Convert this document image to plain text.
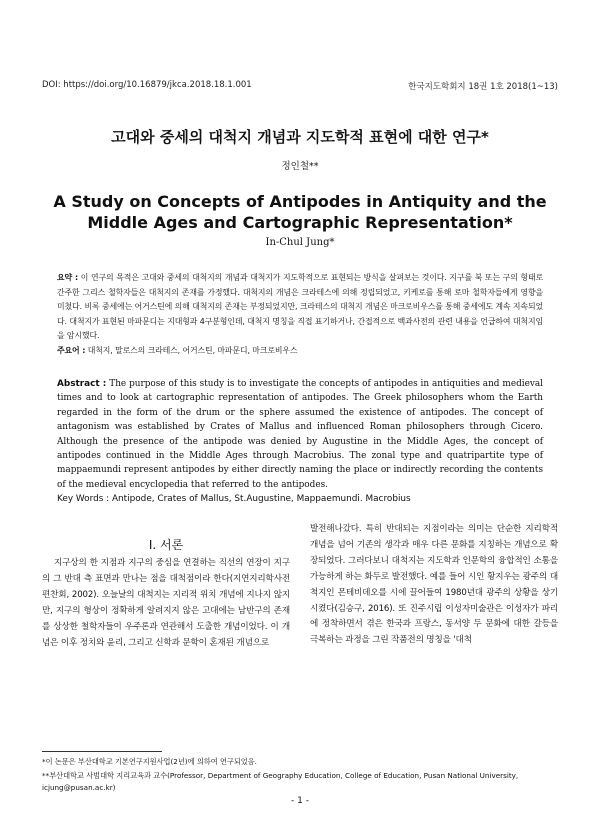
DOI: https://doi.org/10.16879/jkca.2018.18.1.001	한국지도학회지 18권 1호 2018(1~13)
고대와 중세의 대척지 개념과 지도학적 표현에 대한 연구*
정인철**
A Study on Concepts of Antipodes in Antiquity and the
Middle Ages and Cartographic Representation*
In-Chul Jung*
요약 : 이 연구의 목적은 고대와 중세의 대척지의 개념과 대척지가 지도학적으로 표현되는 방식을 살펴보는 것이다. 지구를 북 또는 구의 형태로 간주한 그리스 철학자들은 대척지의 존재를 가정했다. 대척지의 개념은 크라테스에 의해 정립되었고, 키케로를 통해 로마 철학자들에게 영향을 미쳤다. 비록 중세에는 어거스틴에 의해 대척지의 존재는 부정되었지만, 크라테스의 대척지 개념은 마크로비우스를 통해 중세에도 계속 지속되었다. 대척지가 표현된 마파문디는 지대형과 4구분형인데, 대척지 명칭을 직접 표기하거나, 간접적으로 백과사전의 관련 내용을 언급하여 대척지임을 암시했다.
주요어 : 대척지, 말로스의 크라테스, 어거스틴, 마파문디, 마크로비우스
Abstract : The purpose of this study is to investigate the concepts of antipodes in antiquities and medieval times and to look at cartographic representation of antipodes. The Greek philosophers whom the Earth regarded in the form of the drum or the sphere assumed the existence of antipodes. The concept of antagonism was established by Crates of Mallus and influenced Roman philosophers through Cicero. Although the presence of the antipode was denied by Augustine in the Middle Ages, the concept of antipodes continued in the Middle Ages through Macrobius. The zonal type and quatripartite type of mappaemundi represent antipodes by either directly naming the place or indirectly recording the contents of the medieval encyclopedia that referred to the antipodes.
Key Words : Antipode, Crates of Mallus, St.Augustine, Mappaemundi. Macrobius
I. 서론
지구상의 한 지점과 지구의 중심을 연결하는 직선의 연장이 지구의 그 반대 측 표면과 만나는 점을 대척점이라 한다(지연지리학사전편찬회, 2002). 오늘날의 대척지는 지리적 위치 개념에 지나지 않지만, 지구의 형상이 정확하게 알려지지 않은 고대에는 남반구의 존재를 상상한 철학자들이 우주론과 연관해서 도출한 개념이었다. 이 개념은 이후 정치와 윤리, 그리고 신학과 문학이 혼재된 개념으로
발전해나갔다. 특히 반대되는 지점이라는 의미는 단순한 지리학적 개념을 넘어 기존의 생각과 매우 다른 문화를 지칭하는 개념으로 확장되었다. 그러다보니 대척지는 지도학과 인문학의 융합적인 소통을 가능하게 하는 화두로 발전했다. 예를 들어 시인 황지우는 광주의 대척지인 몬테비데오를 시에 끌어들여 1980년대 광주의 상황을 상기시켰다(김승구, 2016). 또 진주시립 이성자미술관은 이성자가 파리에 정착하면서 겪은 한국과 프랑스, 동서양 두 문화에 대한 갈등을 극복하는 과정을 그린 작품전의 명칭을 '대척
*이 논문은 부산대학교 기본연구지원사업(2년)에 의하여 연구되었음.
**부산대학교 사범대학 지리교육과 교수(Professor, Department of Geography Education, College of Education, Pusan National University, icjung@pusan.ac.kr)
- 1 -
